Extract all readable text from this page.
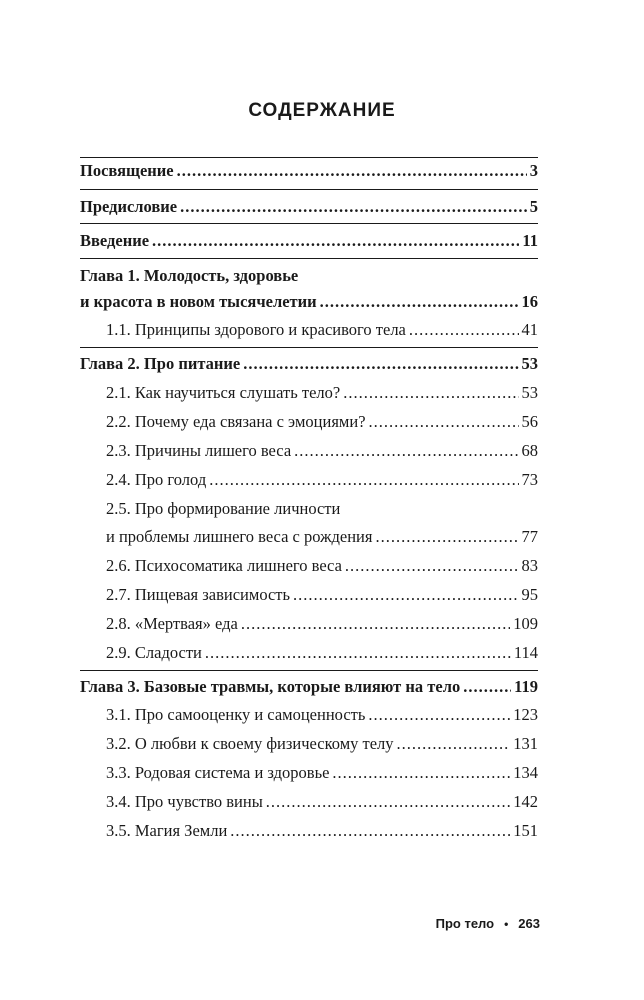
СОДЕРЖАНИЕ
Посвящение .....	3
Предисловие .....	5
Введение .....	11
Глава 1. Молодость, здоровье
и красота в новом тысячелетии .....	16
1.1. Принципы здорового и красивого тела .....	41
Глава 2. Про питание .....	53
2.1. Как научиться слушать тело? .....	53
2.2. Почему еда связана с эмоциями? .....	56
2.3. Причины лишего веса .....	68
2.4. Про голод .....	73
2.5. Про формирование личности
и проблемы лишнего веса с рождения .....	77
2.6. Психосоматика лишнего веса .....	83
2.7. Пищевая зависимость .....	95
2.8. «Мертвая» еда .....	109
2.9. Сладости .....	114
Глава 3. Базовые травмы, которые влияют на тело .....	119
3.1. Про самооценку и самоценность .....	123
3.2. О любви к своему физическому телу .....	131
3.3. Родовая система и здоровье .....	134
3.4. Про чувство вины .....	142
3.5. Магия Земли .....	151
Про тело • 263
